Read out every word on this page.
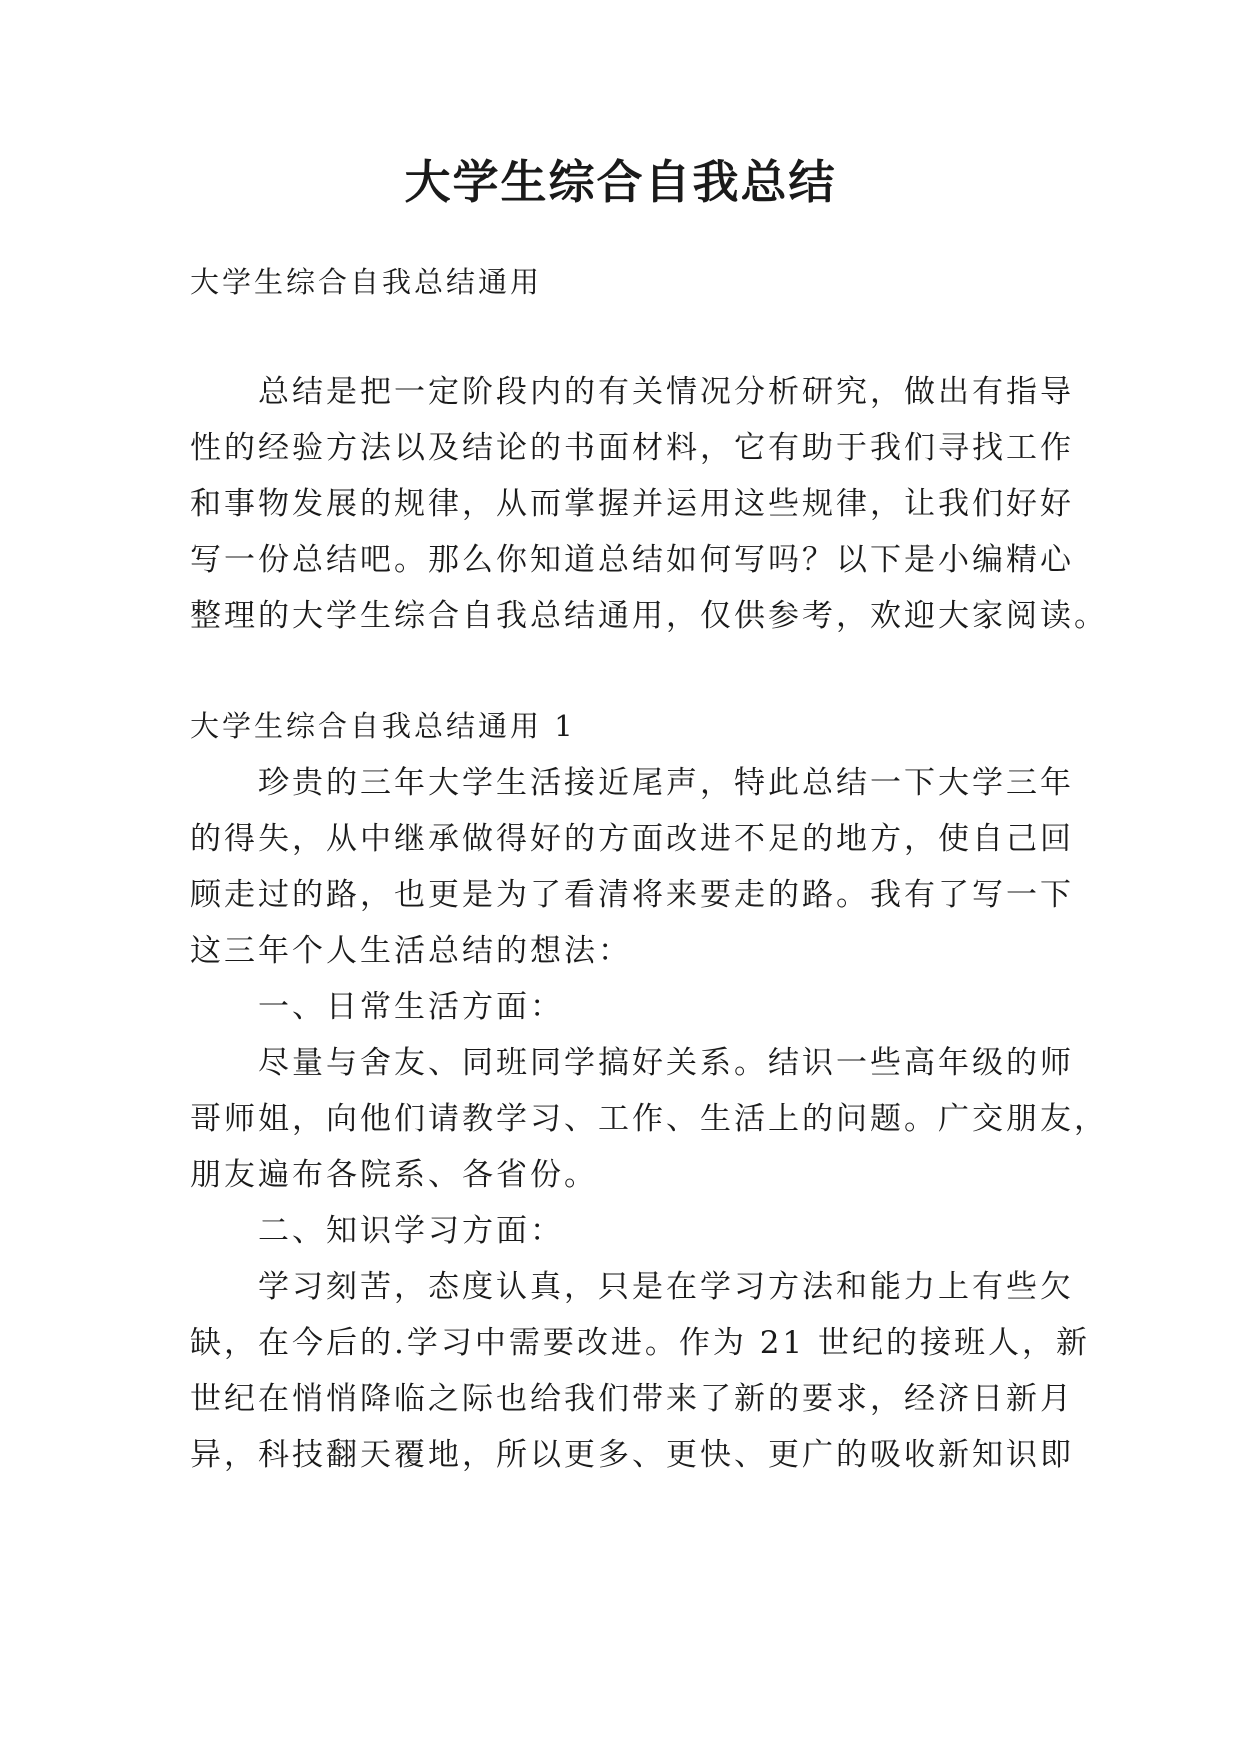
大学生综合自我总结

大学生综合自我总结通用

　　总结是把一定阶段内的有关情况分析研究，做出有指导

性的经验方法以及结论的书面材料，它有助于我们寻找工作

和事物发展的规律，从而掌握并运用这些规律，让我们好好

写一份总结吧。那么你知道总结如何写吗？以下是小编精心

整理的大学生综合自我总结通用，仅供参考，欢迎大家阅读。

大学生综合自我总结通用 1

　　珍贵的三年大学生活接近尾声，特此总结一下大学三年

的得失，从中继承做得好的方面改进不足的地方，使自己回

顾走过的路，也更是为了看清将来要走的路。我有了写一下

这三年个人生活总结的想法：

　　一、日常生活方面：

　　尽量与舍友、同班同学搞好关系。结识一些高年级的师

哥师姐，向他们请教学习、工作、生活上的问题。广交朋友，

朋友遍布各院系、各省份。

　　二、知识学习方面：

　　学习刻苦，态度认真，只是在学习方法和能力上有些欠

缺，在今后的.学习中需要改进。作为 21 世纪的接班人，新

世纪在悄悄降临之际也给我们带来了新的要求，经济日新月

异，科技翻天覆地，所以更多、更快、更广的吸收新知识即
